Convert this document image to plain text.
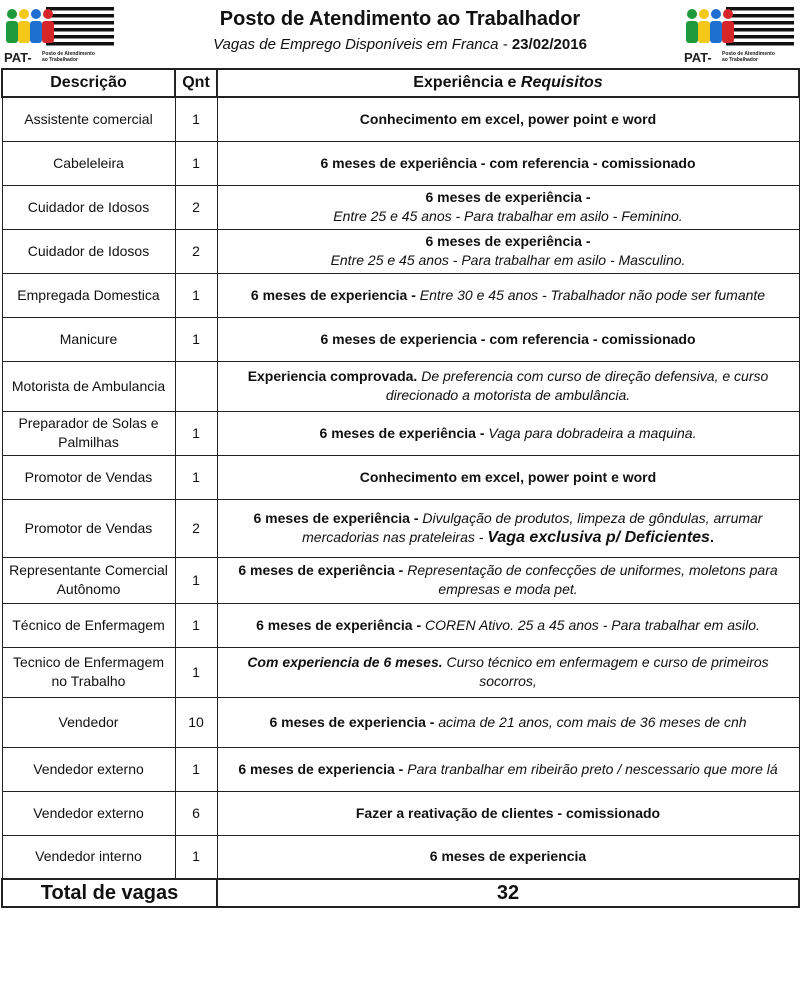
PAT- Posto de Atendimento
ao Trabalhador
Posto de Atendimento ao Trabalhador
Vagas de Emprego Disponíveis em Franca - 23/02/2016
PAT- Posto de Atendimento
ao Trabalhador
Descrição	Qnt	Experiência e Requisitos
Assistente comercial	1	Conhecimento em excel, power point e word
Cabeleleira	1	6 meses de experiência - com referencia - comissionado
Cuidador de Idosos	2	6 meses de experiência -
Entre 25 e 45 anos - Para trabalhar em asilo - Feminino.
Cuidador de Idosos	2	6 meses de experiência -
Entre 25 e 45 anos - Para trabalhar em asilo - Masculino.
Empregada Domestica	1	6 meses de experiencia - Entre 30 e 45 anos - Trabalhador não pode ser fumante
Manicure	1	6 meses de experiencia - com referencia - comissionado
Motorista de Ambulancia		Experiencia comprovada. De preferencia com curso de direção defensiva, e curso direcionado a motorista de ambulância.
Preparador de Solas e Palmilhas	1	6 meses de experiência - Vaga para dobradeira a maquina.
Promotor de Vendas	1	Conhecimento em excel, power point e word
Promotor de Vendas	2	6 meses de experiência - Divulgação de produtos, limpeza de gôndulas, arrumar mercadorias nas prateleiras - Vaga exclusiva p/ Deficientes.
Representante Comercial Autônomo	1	6 meses de experiência - Representação de confecções de uniformes, moletons para empresas e moda pet.
Técnico de Enfermagem	1	6 meses de experiência - COREN Ativo. 25 a 45 anos - Para trabalhar em asilo.
Tecnico de Enfermagem no Trabalho	1	Com experiencia de 6 meses. Curso técnico em enfermagem e curso de primeiros socorros,
Vendedor	10	6 meses de experiencia - acima de 21 anos, com mais de 36 meses de cnh
Vendedor externo	1	6 meses de experiencia - Para tranbalhar em ribeirão preto / nescessario que more lá
Vendedor externo	6	Fazer a reativação de clientes - comissionado
Vendedor interno	1	6 meses de experiencia
Total de vagas		32
